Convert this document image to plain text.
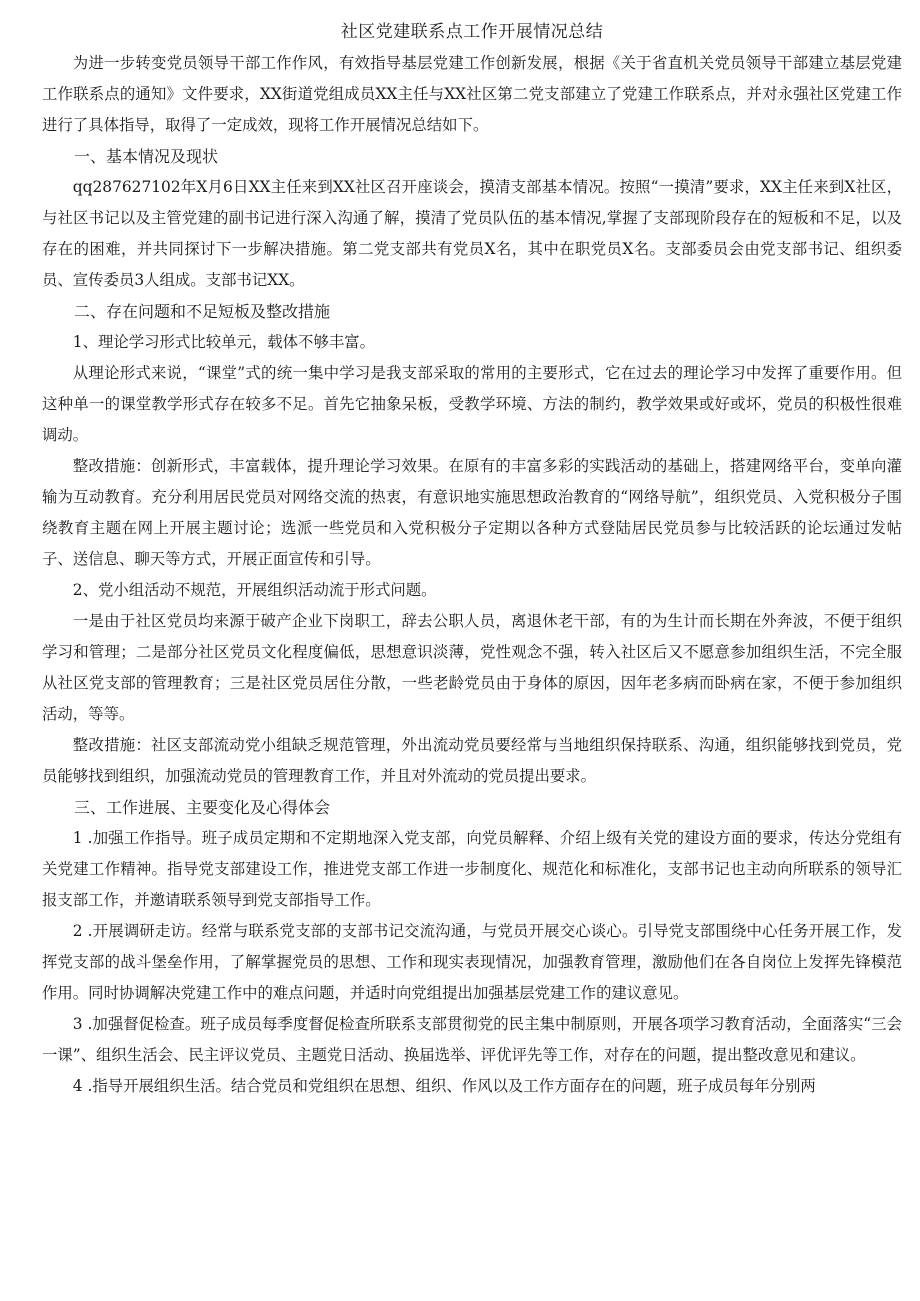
社区党建联系点工作开展情况总结

为进一步转变党员领导干部工作作风，有效指导基层党建工作创新发展，根据《关于省直机关党员领导干部建立基层党建工作联系点的通知》文件要求，XX街道党组成员XX主任与XX社区第二党支部建立了党建工作联系点，并对永强社区党建工作进行了具体指导，取得了一定成效，现将工作开展情况总结如下。

一、基本情况及现状

qq287627102年X月6日XX主任来到XX社区召开座谈会，摸清支部基本情况。按照“一摸清”要求，XX主任来到X社区，与社区书记以及主管党建的副书记进行深入沟通了解，摸清了党员队伍的基本情况,掌握了支部现阶段存在的短板和不足，以及存在的困难，并共同探讨下一步解决措施。第二党支部共有党员X名，其中在职党员X名。支部委员会由党支部书记、组织委员、宣传委员3人组成。支部书记XX。

二、存在问题和不足短板及整改措施

1、理论学习形式比较单元，载体不够丰富。

从理论形式来说，“课堂”式的统一集中学习是我支部采取的常用的主要形式，它在过去的理论学习中发挥了重要作用。但这种单一的课堂教学形式存在较多不足。首先它抽象呆板，受教学环境、方法的制约，教学效果或好或坏，党员的积极性很难调动。

整改措施：创新形式，丰富载体，提升理论学习效果。在原有的丰富多彩的实践活动的基础上，搭建网络平台，变单向灌输为互动教育。充分利用居民党员对网络交流的热衷，有意识地实施思想政治教育的“网络导航”，组织党员、入党积极分子围绕教育主题在网上开展主题讨论；选派一些党员和入党积极分子定期以各种方式登陆居民党员参与比较活跃的论坛通过发帖子、送信息、聊天等方式，开展正面宣传和引导。

2、党小组活动不规范，开展组织活动流于形式问题。

一是由于社区党员均来源于破产企业下岗职工，辞去公职人员，离退休老干部，有的为生计而长期在外奔波，不便于组织学习和管理；二是部分社区党员文化程度偏低，思想意识淡薄，党性观念不强，转入社区后又不愿意参加组织生活，不完全服从社区党支部的管理教育；三是社区党员居住分散，一些老龄党员由于身体的原因，因年老多病而卧病在家，不便于参加组织活动，等等。

整改措施：社区支部流动党小组缺乏规范管理，外出流动党员要经常与当地组织保持联系、沟通，组织能够找到党员，党员能够找到组织，加强流动党员的管理教育工作，并且对外流动的党员提出要求。

三、工作进展、主要变化及心得体会

1 .加强工作指导。班子成员定期和不定期地深入党支部，向党员解释、介绍上级有关党的建设方面的要求，传达分党组有关党建工作精神。指导党支部建设工作，推进党支部工作进一步制度化、规范化和标准化，支部书记也主动向所联系的领导汇报支部工作，并邀请联系领导到党支部指导工作。

2 .开展调研走访。经常与联系党支部的支部书记交流沟通，与党员开展交心谈心。引导党支部围绕中心任务开展工作，发挥党支部的战斗堡垒作用，了解掌握党员的思想、工作和现实表现情况，加强教育管理，激励他们在各自岗位上发挥先锋模范作用。同时协调解决党建工作中的难点问题，并适时向党组提出加强基层党建工作的建议意见。

3 .加强督促检查。班子成员每季度督促检查所联系支部贯彻党的民主集中制原则，开展各项学习教育活动，全面落实“三会一课”、组织生活会、民主评议党员、主题党日活动、换届选举、评优评先等工作，对存在的问题，提出整改意见和建议。

4 .指导开展组织生活。结合党员和党组织在思想、组织、作风以及工作方面存在的问题，班子成员每年分别两
